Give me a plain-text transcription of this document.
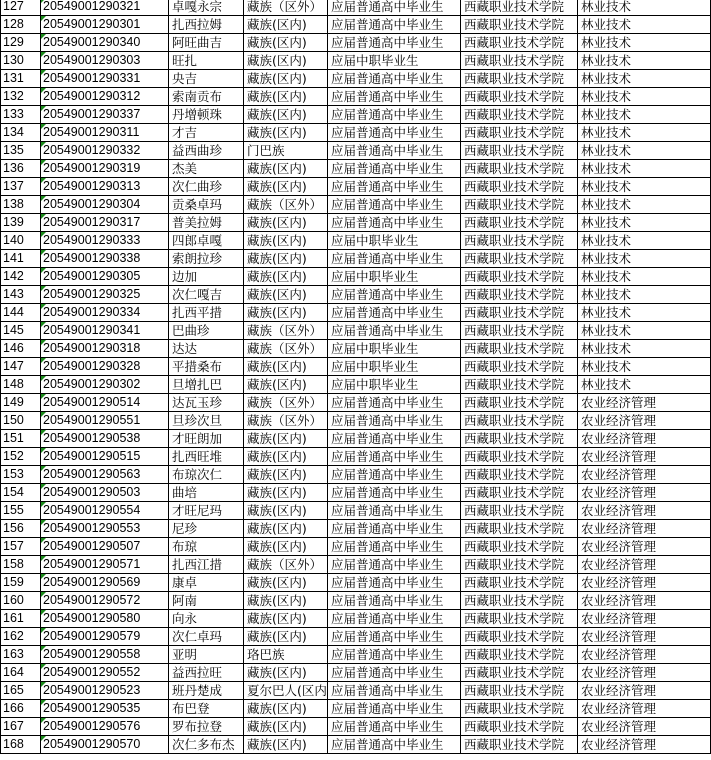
127	20549001290321	卓嘎永宗	藏族（区外）	应届普通高中毕业生	西藏职业技术学院	林业技术
128	20549001290301	扎西拉姆	藏族(区内)	应届普通高中毕业生	西藏职业技术学院	林业技术
129	20549001290340	阿旺曲吉	藏族(区内)	应届普通高中毕业生	西藏职业技术学院	林业技术
130	20549001290303	旺扎	藏族(区内)	应届中职毕业生	西藏职业技术学院	林业技术
131	20549001290331	央吉	藏族(区内)	应届普通高中毕业生	西藏职业技术学院	林业技术
132	20549001290312	索南贡布	藏族(区内)	应届普通高中毕业生	西藏职业技术学院	林业技术
133	20549001290337	丹增顿珠	藏族(区内)	应届普通高中毕业生	西藏职业技术学院	林业技术
134	20549001290311	才吉	藏族(区内)	应届普通高中毕业生	西藏职业技术学院	林业技术
135	20549001290332	益西曲珍	门巴族	应届普通高中毕业生	西藏职业技术学院	林业技术
136	20549001290319	杰美	藏族(区内)	应届普通高中毕业生	西藏职业技术学院	林业技术
137	20549001290313	次仁曲珍	藏族(区内)	应届普通高中毕业生	西藏职业技术学院	林业技术
138	20549001290304	贡桑卓玛	藏族（区外）	应届普通高中毕业生	西藏职业技术学院	林业技术
139	20549001290317	普美拉姆	藏族(区内)	应届普通高中毕业生	西藏职业技术学院	林业技术
140	20549001290333	四郎卓嘎	藏族(区内)	应届中职毕业生	西藏职业技术学院	林业技术
141	20549001290338	索朗拉珍	藏族(区内)	应届普通高中毕业生	西藏职业技术学院	林业技术
142	20549001290305	边加	藏族(区内)	应届中职毕业生	西藏职业技术学院	林业技术
143	20549001290325	次仁嘎吉	藏族(区内)	应届普通高中毕业生	西藏职业技术学院	林业技术
144	20549001290334	扎西平措	藏族(区内)	应届普通高中毕业生	西藏职业技术学院	林业技术
145	20549001290341	巴曲珍	藏族（区外）	应届普通高中毕业生	西藏职业技术学院	林业技术
146	20549001290318	达达	藏族（区外）	应届中职毕业生	西藏职业技术学院	林业技术
147	20549001290328	平措桑布	藏族(区内)	应届中职毕业生	西藏职业技术学院	林业技术
148	20549001290302	旦增扎巴	藏族(区内)	应届中职毕业生	西藏职业技术学院	林业技术
149	20549001290514	达瓦玉珍	藏族（区外）	应届普通高中毕业生	西藏职业技术学院	农业经济管理
150	20549001290551	旦珍次旦	藏族（区外）	应届普通高中毕业生	西藏职业技术学院	农业经济管理
151	20549001290538	才旺朗加	藏族(区内)	应届普通高中毕业生	西藏职业技术学院	农业经济管理
152	20549001290515	扎西旺堆	藏族(区内)	应届普通高中毕业生	西藏职业技术学院	农业经济管理
153	20549001290563	布琼次仁	藏族(区内)	应届普通高中毕业生	西藏职业技术学院	农业经济管理
154	20549001290503	曲培	藏族(区内)	应届普通高中毕业生	西藏职业技术学院	农业经济管理
155	20549001290554	才旺尼玛	藏族(区内)	应届普通高中毕业生	西藏职业技术学院	农业经济管理
156	20549001290553	尼珍	藏族(区内)	应届普通高中毕业生	西藏职业技术学院	农业经济管理
157	20549001290507	布琼	藏族(区内)	应届普通高中毕业生	西藏职业技术学院	农业经济管理
158	20549001290571	扎西江措	藏族（区外）	应届普通高中毕业生	西藏职业技术学院	农业经济管理
159	20549001290569	康卓	藏族(区内)	应届普通高中毕业生	西藏职业技术学院	农业经济管理
160	20549001290572	阿南	藏族(区内)	应届普通高中毕业生	西藏职业技术学院	农业经济管理
161	20549001290580	向永	藏族(区内)	应届普通高中毕业生	西藏职业技术学院	农业经济管理
162	20549001290579	次仁卓玛	藏族(区内)	应届普通高中毕业生	西藏职业技术学院	农业经济管理
163	20549001290558	亚明	珞巴族	应届普通高中毕业生	西藏职业技术学院	农业经济管理
164	20549001290552	益西拉旺	藏族(区内)	应届普通高中毕业生	西藏职业技术学院	农业经济管理
165	20549001290523	班丹楚成	夏尔巴人(区内	应届普通高中毕业生	西藏职业技术学院	农业经济管理
166	20549001290535	布巴登	藏族(区内)	应届普通高中毕业生	西藏职业技术学院	农业经济管理
167	20549001290576	罗布拉登	藏族(区内)	应届普通高中毕业生	西藏职业技术学院	农业经济管理
168	20549001290570	次仁多布杰	藏族(区内)	应届普通高中毕业生	西藏职业技术学院	农业经济管理
